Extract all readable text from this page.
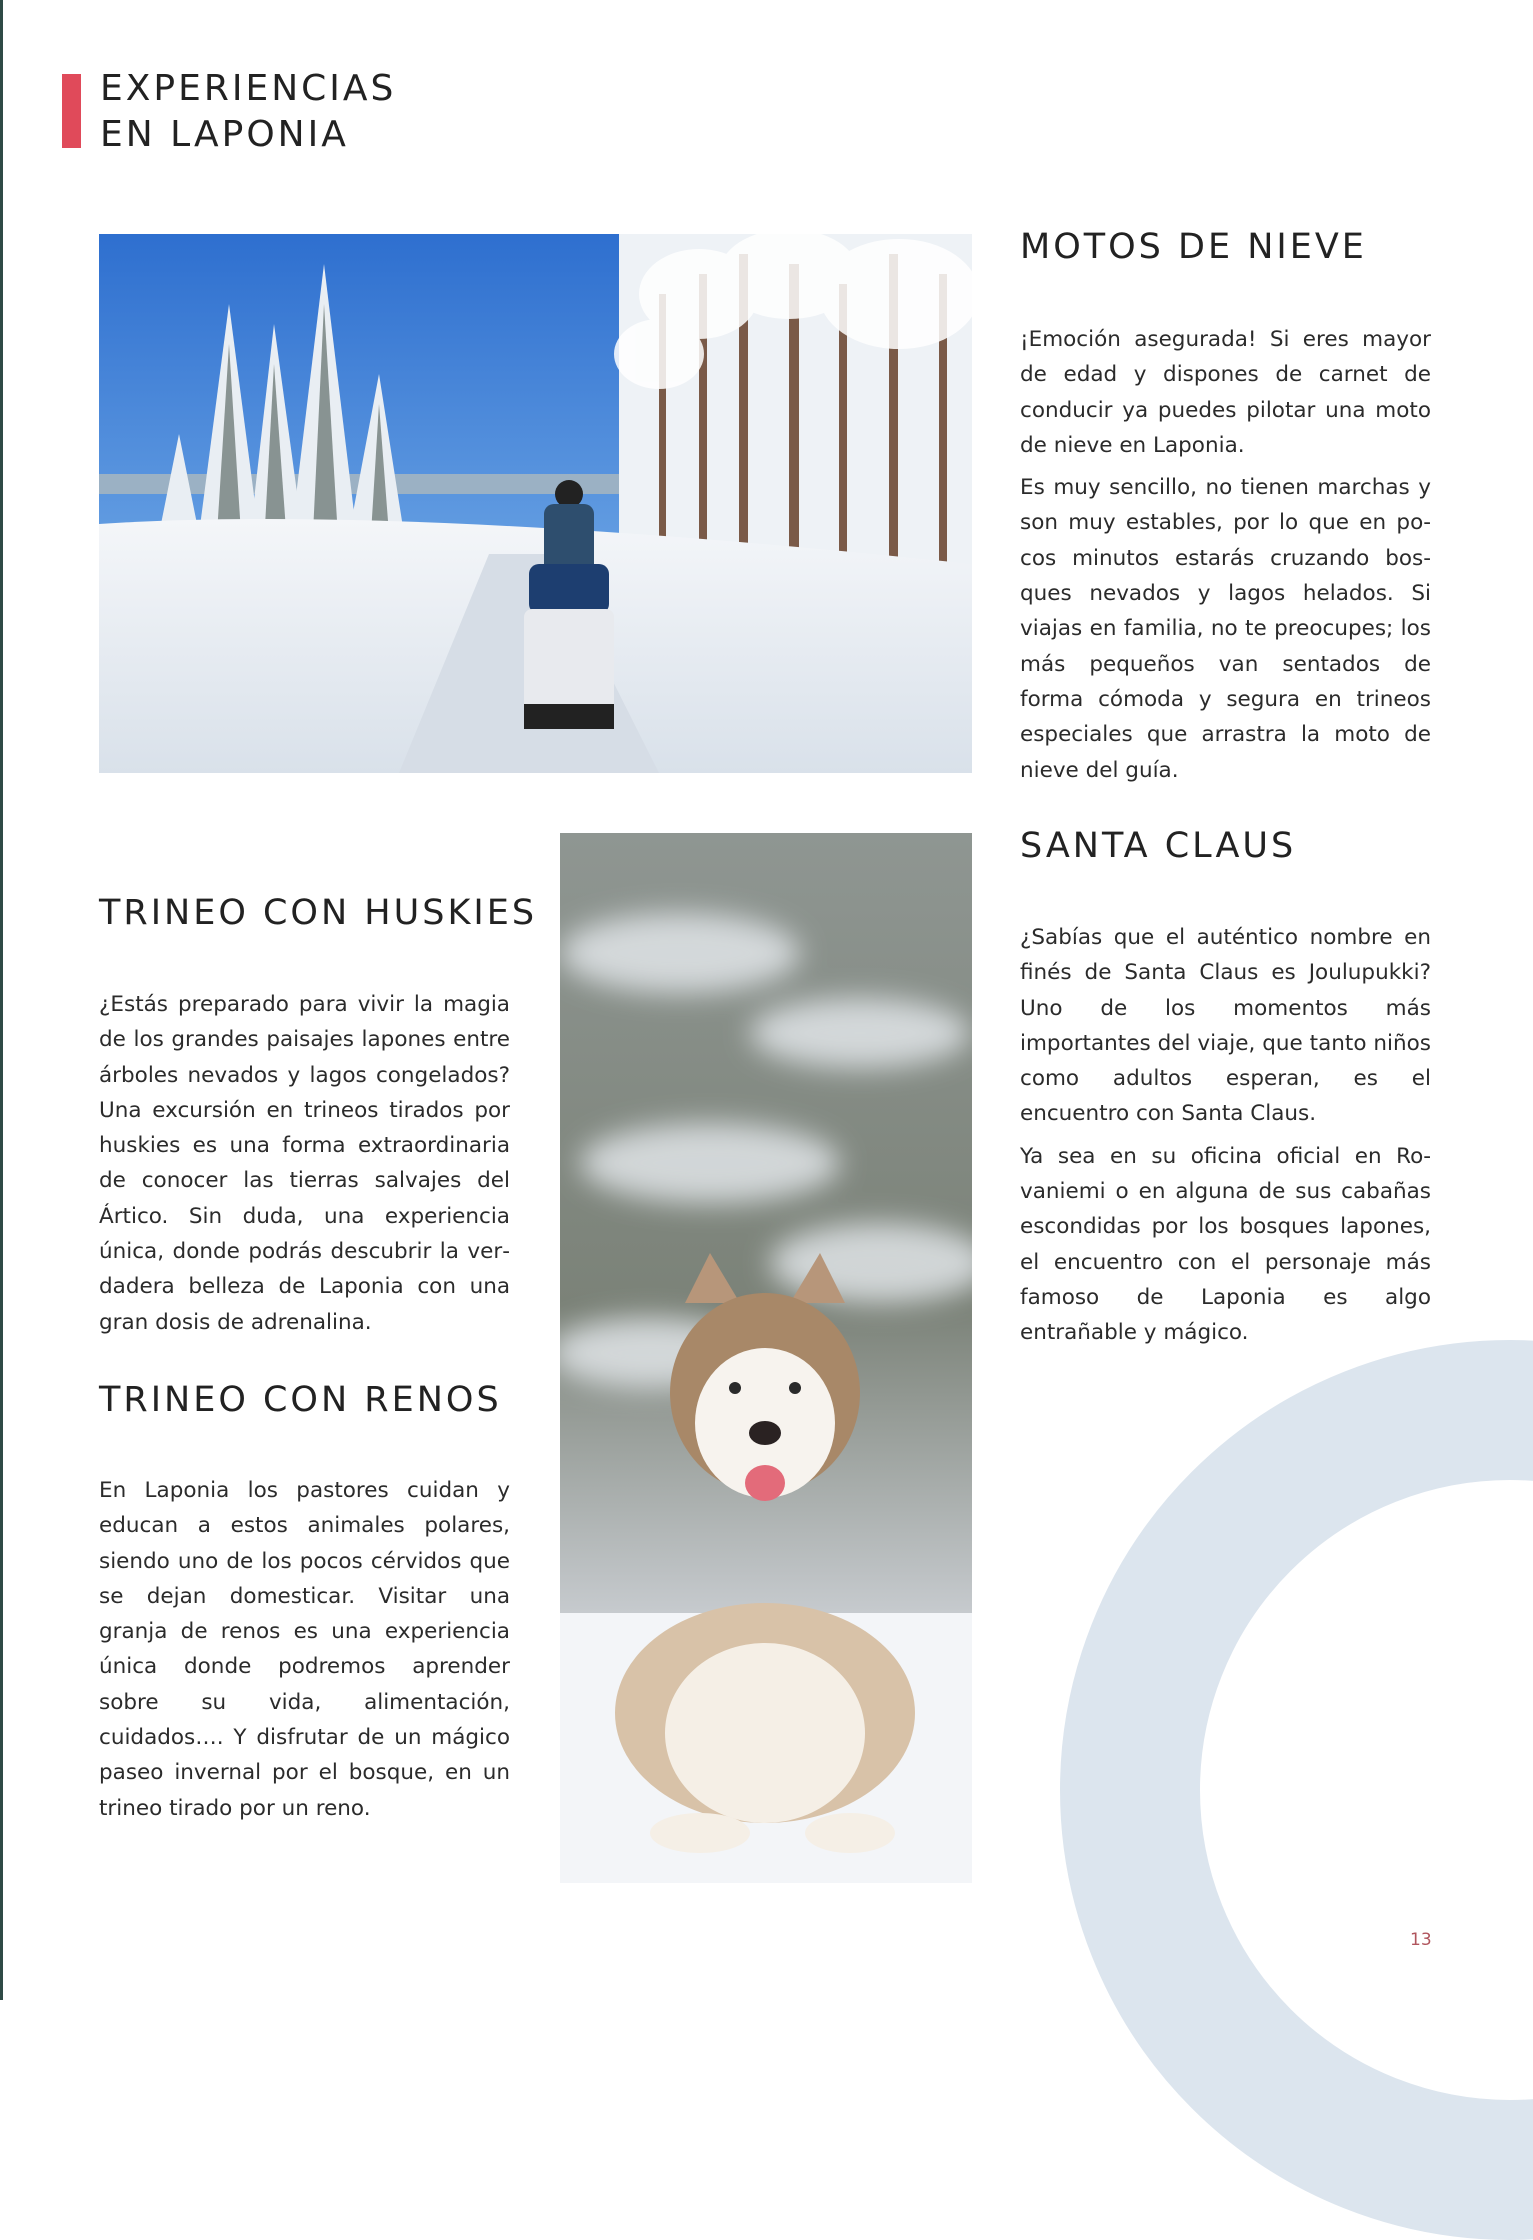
EXPERIENCIAS
EN LAPONIA
MOTOS DE NIEVE

¡Emoción asegurada! Si eres mayor de edad y dispones de carnet de conducir ya puedes pilotar una moto de nieve en Laponia.

Es muy sencillo, no tienen marchas y son muy estables, por lo que en pocos minutos estarás cruzando bosques nevados y lagos helados. Si viajas en familia, no te preocupes; los más pequeños van sentados de forma cómoda y segura en trineos especiales que arrastra la moto de nieve del guía.

SANTA CLAUS

¿Sabías que el auténtico nombre en finés de Santa Claus es Joulupukki? Uno de los momentos más importantes del viaje, que tanto niños como adultos esperan, es el encuentro con Santa Claus.

Ya sea en su oficina oficial en Rovaniemi o en alguna de sus cabañas escondidas por los bosques lapones, el encuentro con el personaje más famoso de Laponia es algo entrañable y mágico.

TRINEO CON HUSKIES

¿Estás preparado para vivir la magia de los grandes paisajes lapones entre árboles nevados y lagos congelados? Una excursión en trineos tirados por huskies es una forma extraordinaria de conocer las tierras salvajes del Ártico. Sin duda, una experiencia única, donde podrás descubrir la verdadera belleza de Laponia con una gran dosis de adrenalina.

TRINEO CON RENOS

En Laponia los pastores cuidan y educan a estos animales polares, siendo uno de los pocos cérvidos que se dejan domesticar. Visitar una granja de renos es una experiencia única donde podremos aprender sobre su vida, alimentación, cuidados…. Y disfrutar de un mágico paseo invernal por el bosque, en un trineo tirado por un reno.

13
